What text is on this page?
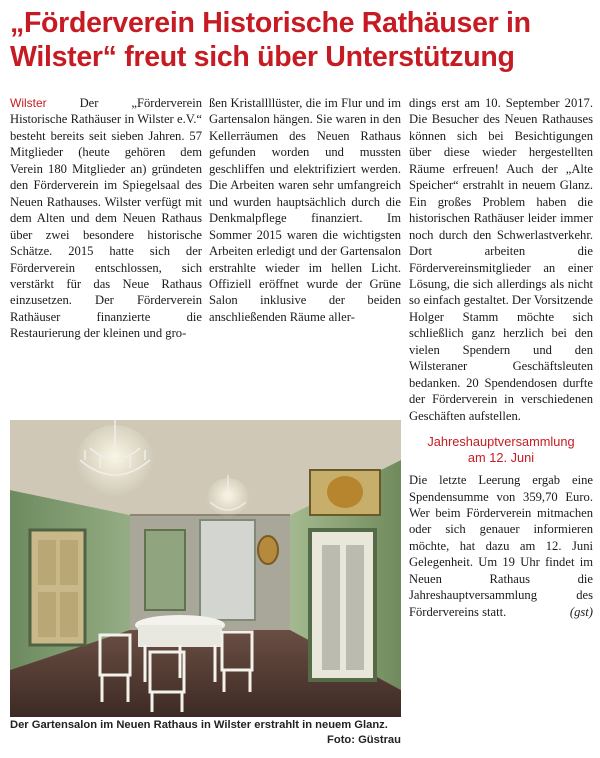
„Förderverein Historische Rathäuser in Wilster“ freut sich über Unterstützung

Wilster	Der „Förderverein Historische Rathäuser in Wilster e.V.“ besteht bereits seit sieben Jahren. 57 Mitglieder (heute gehören dem Verein 180 Mitglieder an) gründeten den Förderverein im Spiegelsaal des Neuen Rathauses. Wilster verfügt mit dem Alten und dem Neuen Rathaus über zwei besondere historische Schätze. 2015 hatte sich der Förderverein entschlossen, sich verstärkt für das Neue Rathaus einzusetzen. Der Förderverein Rathäuser finanzierte die Restaurierung der kleinen und gro-

ßen Kristallllüster, die im Flur und im Gartensalon hängen. Sie waren in den Kellerräumen des Neuen Rathaus gefunden worden und mussten geschliffen und elektrifiziert werden. Die Arbeiten waren sehr umfangreich und wurden hauptsächlich durch die Denkmalpflege finanziert. Im Sommer 2015 waren die wichtigsten Arbeiten erledigt und der Gartensalon erstrahlte wieder im hellen Licht. Offiziell eröffnet wurde der Grüne Salon inklusive der beiden anschließenden Räume aller-

dings erst am 10. September 2017. Die Besucher des Neuen Rathauses können sich bei Besichtigungen über diese wieder hergestellten Räume erfreuen! Auch der „Alte Speicher“ erstrahlt in neuem Glanz. Ein großes Problem haben die historischen Rathäuser leider immer noch durch den Schwerlastverkehr. Dort arbeiten die Fördervereinsmitglieder an einer Lösung, die sich allerdings als nicht so einfach gestaltet. Der Vorsitzende Holger Stamm möchte sich schließlich ganz herzlich bei den vielen Spendern und den Wilsteraner Geschäftsleuten bedanken. 20 Spendendosen durfte der Förderverein in verschiedenen Geschäften aufstellen.

Jahreshauptversammlung
am 12. Juni

Die letzte Leerung ergab eine Spendensumme von 359,70 Euro. Wer beim Förderverein mitmachen oder sich genauer informieren möchte, hat dazu am 12. Juni Gelegenheit. Um 19 Uhr findet im Neuen Rathaus die Jahreshauptversammlung des Fördervereins statt.	(gst)

Der Gartensalon im Neuen Rathaus in Wilster erstrahlt in neuem Glanz.
Foto: Güstrau
